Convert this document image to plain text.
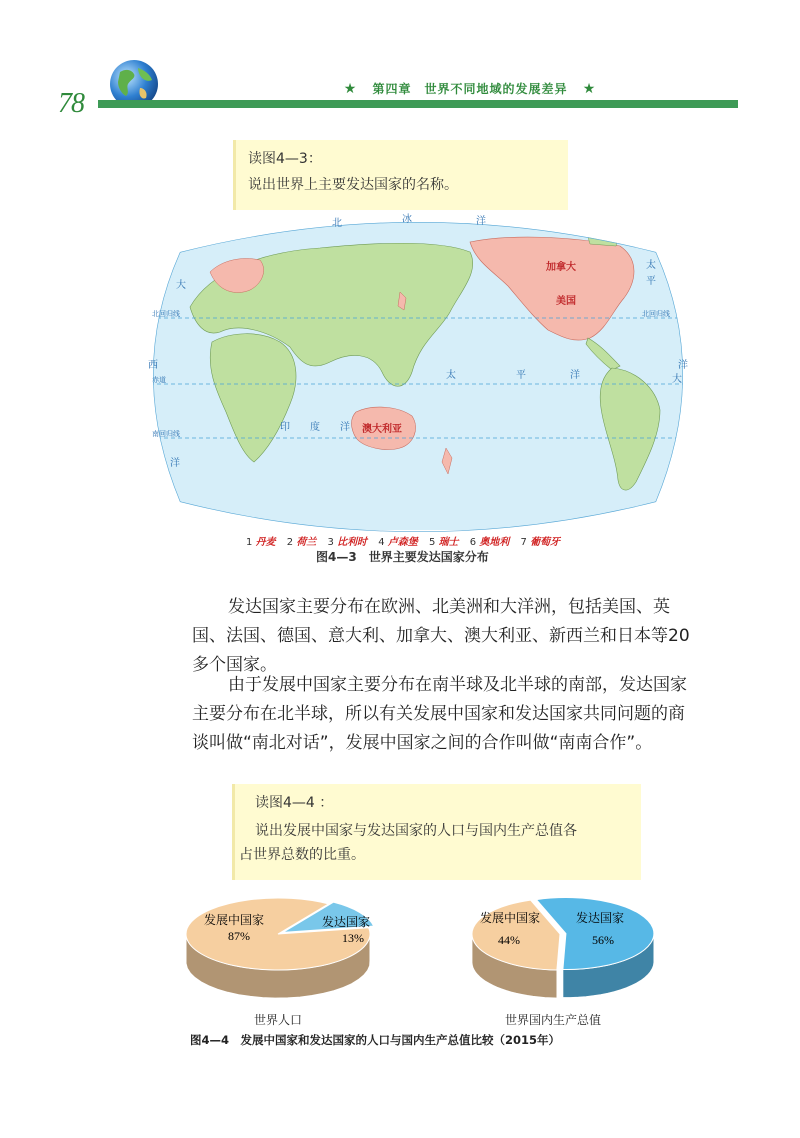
78	★ 第四章　世界不同地域的发展差异 ★
读图4—3：
说出世界上主要发达国家的名称。
北	冰	洋
大
西
洋
印 度 洋
太	平	洋
太
平
洋
大
北回归线
赤道
南回归线
北回归线
加拿大
美国
澳大利亚
1 丹麦 2 荷兰 3 比利时 4 卢森堡 5 瑞士 6 奥地利 7 葡萄牙
图4—3　世界主要发达国家分布
发达国家主要分布在欧洲、北美洲和大洋洲，包括美国、英
国、法国、德国、意大利、加拿大、澳大利亚、新西兰和日本等20
多个国家。
由于发展中国家主要分布在南半球及北半球的南部，发达国家
主要分布在北半球，所以有关发展中国家和发达国家共同问题的商
谈叫做“南北对话”，发展中国家之间的合作叫做“南南合作”。
读图4—4 ：
说出发展中国家与发达国家的人口与国内生产总值各
占世界总数的比重。
发展中国家
87%
发达国家
13%
世界人口
发展中国家
44%
发达国家
56%
世界国内生产总值
图4—4　发展中国家和发达国家的人口与国内生产总值比较（2015年）
